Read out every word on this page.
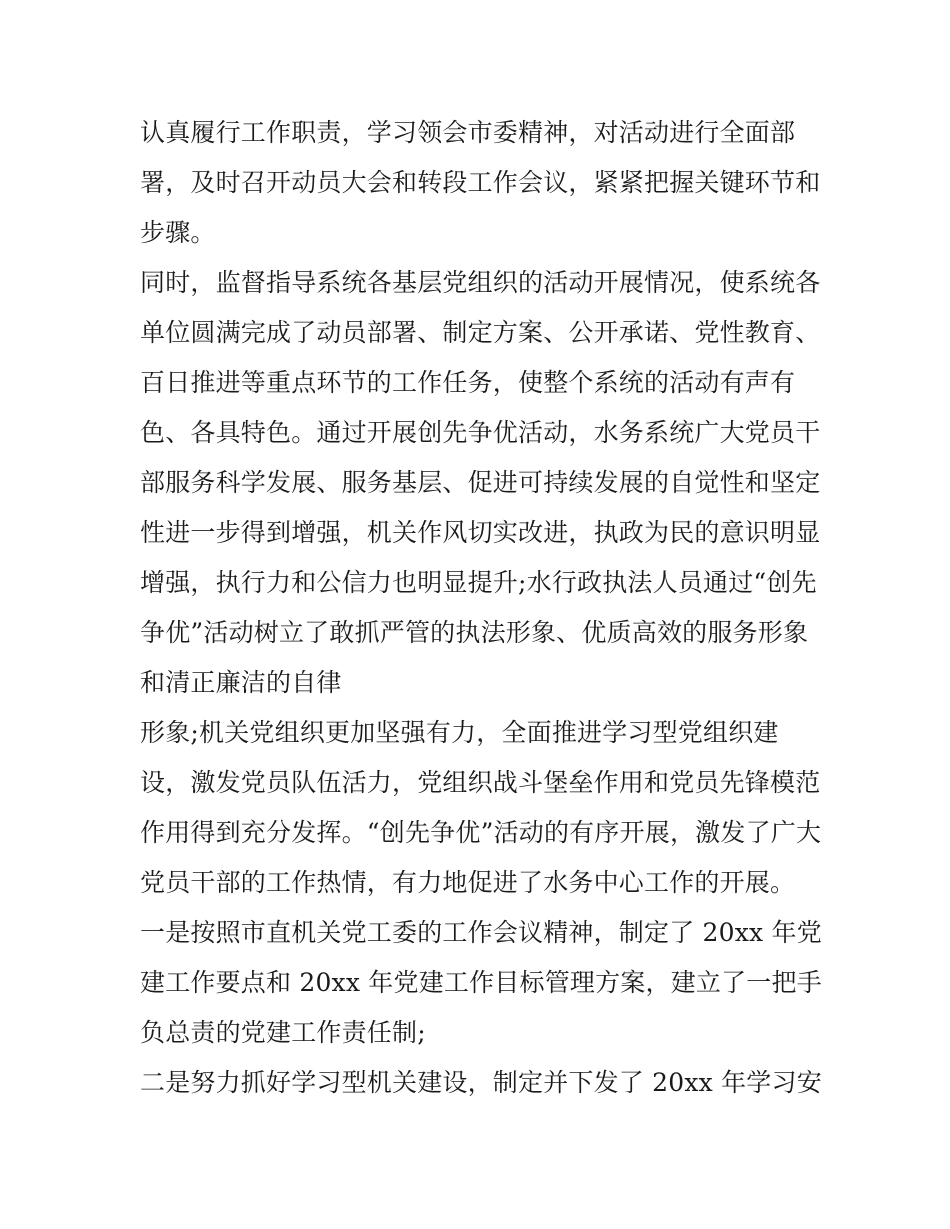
认真履行工作职责，学习领会市委精神，对活动进行全面部
署，及时召开动员大会和转段工作会议，紧紧把握关键环节和
步骤。
同时，监督指导系统各基层党组织的活动开展情况，使系统各
单位圆满完成了动员部署、制定方案、公开承诺、党性教育、
百日推进等重点环节的工作任务，使整个系统的活动有声有
色、各具特色。通过开展创先争优活动，水务系统广大党员干
部服务科学发展、服务基层、促进可持续发展的自觉性和坚定
性进一步得到增强，机关作风切实改进，执政为民的意识明显
增强，执行力和公信力也明显提升;水行政执法人员通过“创先
争优”活动树立了敢抓严管的执法形象、优质高效的服务形象
和清正廉洁的自律
形象;机关党组织更加坚强有力，全面推进学习型党组织建
设，激发党员队伍活力，党组织战斗堡垒作用和党员先锋模范
作用得到充分发挥。“创先争优”活动的有序开展，激发了广大
党员干部的工作热情，有力地促进了水务中心工作的开展。
一是按照市直机关党工委的工作会议精神，制定了 20xx 年党
建工作要点和 20xx 年党建工作目标管理方案，建立了一把手
负总责的党建工作责任制;
二是努力抓好学习型机关建设，制定并下发了 20xx 年学习安
